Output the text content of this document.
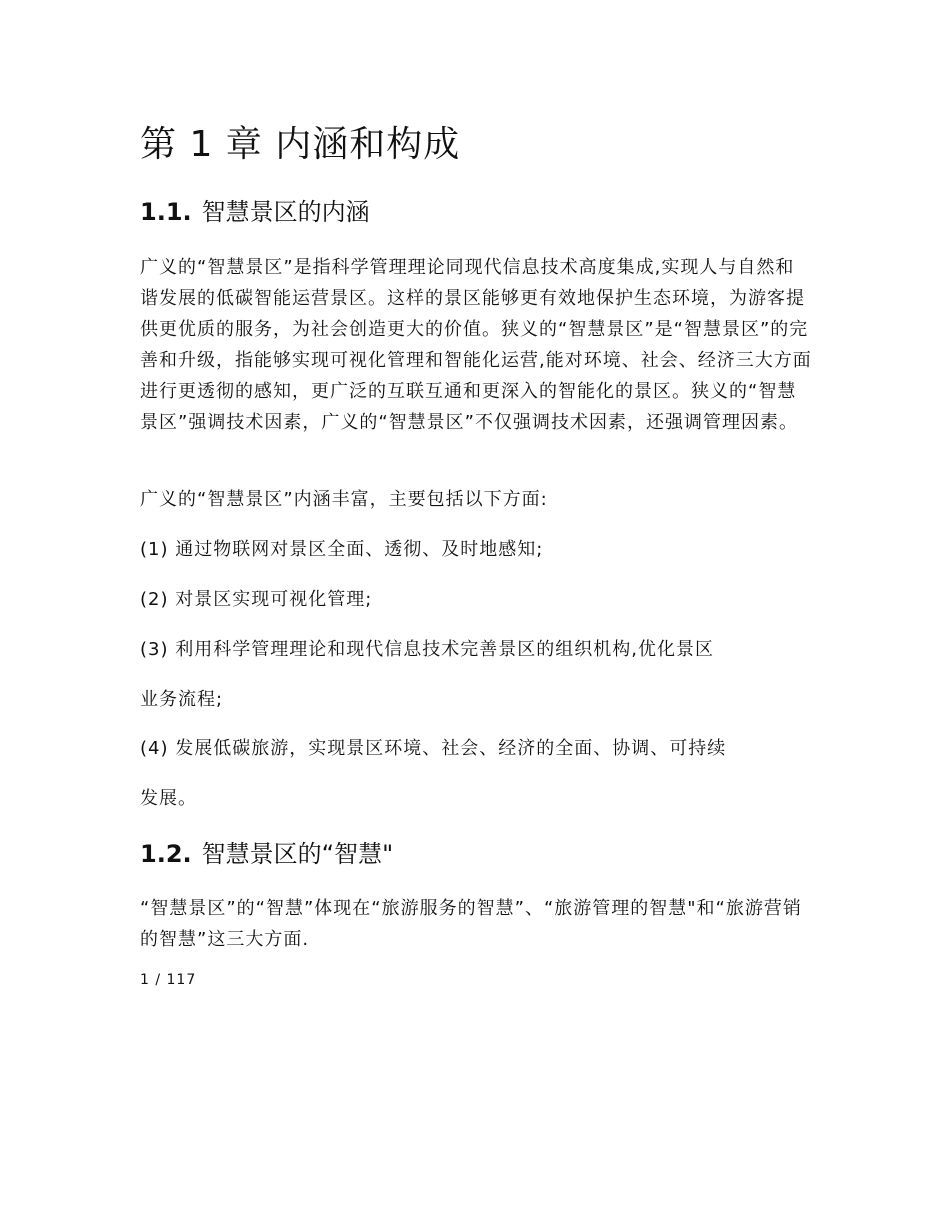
第 1 章 内涵和构成
1.1. 智慧景区的内涵

广义的“智慧景区”是指科学管理理论同现代信息技术高度集成,实现人与自然和谐发展的低碳智能运营景区。这样的景区能够更有效地保护生态环境，为游客提供更优质的服务，为社会创造更大的价值。狭义的“智慧景区”是“智慧景区”的完善和升级，指能够实现可视化管理和智能化运营,能对环境、社会、经济三大方面进行更透彻的感知，更广泛的互联互通和更深入的智能化的景区。狭义的“智慧景区”强调技术因素，广义的“智慧景区”不仅强调技术因素，还强调管理因素。

广义的“智慧景区”内涵丰富，主要包括以下方面:

(1) 通过物联网对景区全面、透彻、及时地感知;

(2) 对景区实现可视化管理;

(3) 利用科学管理理论和现代信息技术完善景区的组织机构,优化景区

业务流程;

(4) 发展低碳旅游，实现景区环境、社会、经济的全面、协调、可持续

发展。

1.2. 智慧景区的“智慧"

“智慧景区”的“智慧”体现在“旅游服务的智慧”、“旅游管理的智慧"和“旅游营销的智慧”这三大方面.

1 / 117
